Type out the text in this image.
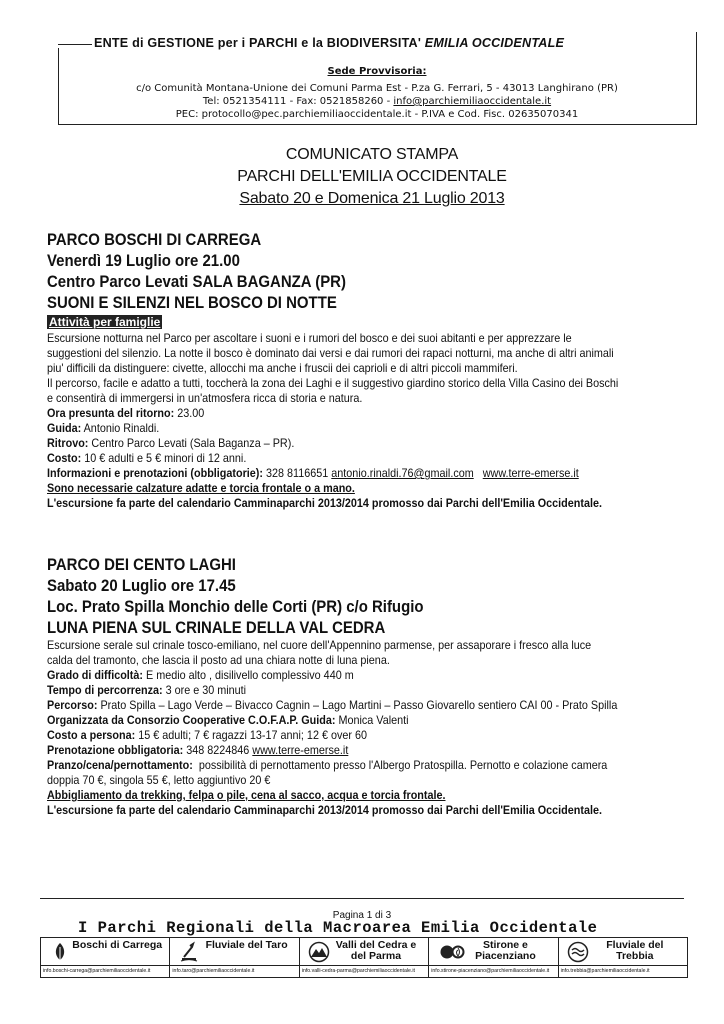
ENTE di GESTIONE per i PARCHI e la BIODIVERSITA' EMILIA OCCIDENTALE
Sede Provvisoria:
c/o Comunità Montana-Unione dei Comuni Parma Est - P.za G. Ferrari, 5 - 43013 Langhirano (PR)
Tel: 0521354111 - Fax: 0521858260 - info@parchiemiliaoccidentale.it
PEC: protocollo@pec.parchiemiliaoccidentale.it - P.IVA e Cod. Fisc. 02635070341
COMUNICATO STAMPA
PARCHI DELL'EMILIA OCCIDENTALE
Sabato 20 e Domenica 21 Luglio 2013
PARCO BOSCHI DI CARREGA
Venerdì 19 Luglio ore 21.00
Centro Parco Levati SALA BAGANZA (PR)
SUONI E SILENZI NEL BOSCO DI NOTTE
Attività per famiglie
Escursione notturna nel Parco per ascoltare i suoni e i rumori del bosco e dei suoi abitanti e per apprezzare le
suggestioni del silenzio. La notte il bosco è dominato dai versi e dai rumori dei rapaci notturni, ma anche di altri animali
piu' difficili da distinguere: civette, allocchi ma anche i fruscii dei caprioli e di altri piccoli mammiferi.
Il percorso, facile e adatto a tutti, toccherà la zona dei Laghi e il suggestivo giardino storico della Villa Casino dei Boschi
e consentirà di immergersi in un'atmosfera ricca di storia e natura.
Ora presunta del ritorno: 23.00
Guida: Antonio Rinaldi.
Ritrovo: Centro Parco Levati (Sala Baganza – PR).
Costo: 10 € adulti e 5 € minori di 12 anni.
Informazioni e prenotazioni (obbligatorie): 328 8116651 antonio.rinaldi.76@gmail.com www.terre-emerse.it
Sono necessarie calzature adatte e torcia frontale o a mano.
L'escursione fa parte del calendario Camminaparchi 2013/2014 promosso dai Parchi dell'Emilia Occidentale.
PARCO DEI CENTO LAGHI
Sabato 20 Luglio ore 17.45
Loc. Prato Spilla Monchio delle Corti (PR) c/o Rifugio
LUNA PIENA SUL CRINALE DELLA VAL CEDRA
Escursione serale sul crinale tosco-emiliano, nel cuore dell'Appennino parmense, per assaporare i fresco alla luce
calda del tramonto, che lascia il posto ad una chiara notte di luna piena.
Grado di difficoltà: E medio alto , disilivello complessivo 440 m
Tempo di percorrenza: 3 ore e 30 minuti
Percorso: Prato Spilla – Lago Verde – Bivacco Cagnin – Lago Martini – Passo Giovarello sentiero CAI 00 - Prato Spilla
Organizzata da Consorzio Cooperative C.O.F.A.P. Guida: Monica Valenti
Costo a persona: 15 € adulti; 7 € ragazzi 13-17 anni; 12 € over 60
Prenotazione obbligatoria: 348 8224846 www.terre-emerse.it
Pranzo/cena/pernottamento: possibilità di pernottamento presso l'Albergo Pratospilla. Pernotto e colazione camera
doppia 70 €, singola 55 €, letto aggiuntivo 20 €
Abbigliamento da trekking, felpa o pile, cena al sacco, acqua e torcia frontale.
L'escursione fa parte del calendario Camminaparchi 2013/2014 promosso dai Parchi dell'Emilia Occidentale.
Pagina 1 di 3
I Parchi Regionali della Macroarea Emilia Occidentale
Boschi di Carrega
info.boschi-carrega@parchiemiliaoccidentale.it
Fluviale del Taro
info.taro@parchiemiliaoccidentale.it
Valli del Cedra e del Parma
info.valli-cedra-parma@parchiemiliaoccidentale.it
Stirone e Piacenziano
info.stirone-piacenziano@parchiemiliaoccidentale.it
Fluviale del Trebbia
info.trebbia@parchiemiliaoccidentale.it
